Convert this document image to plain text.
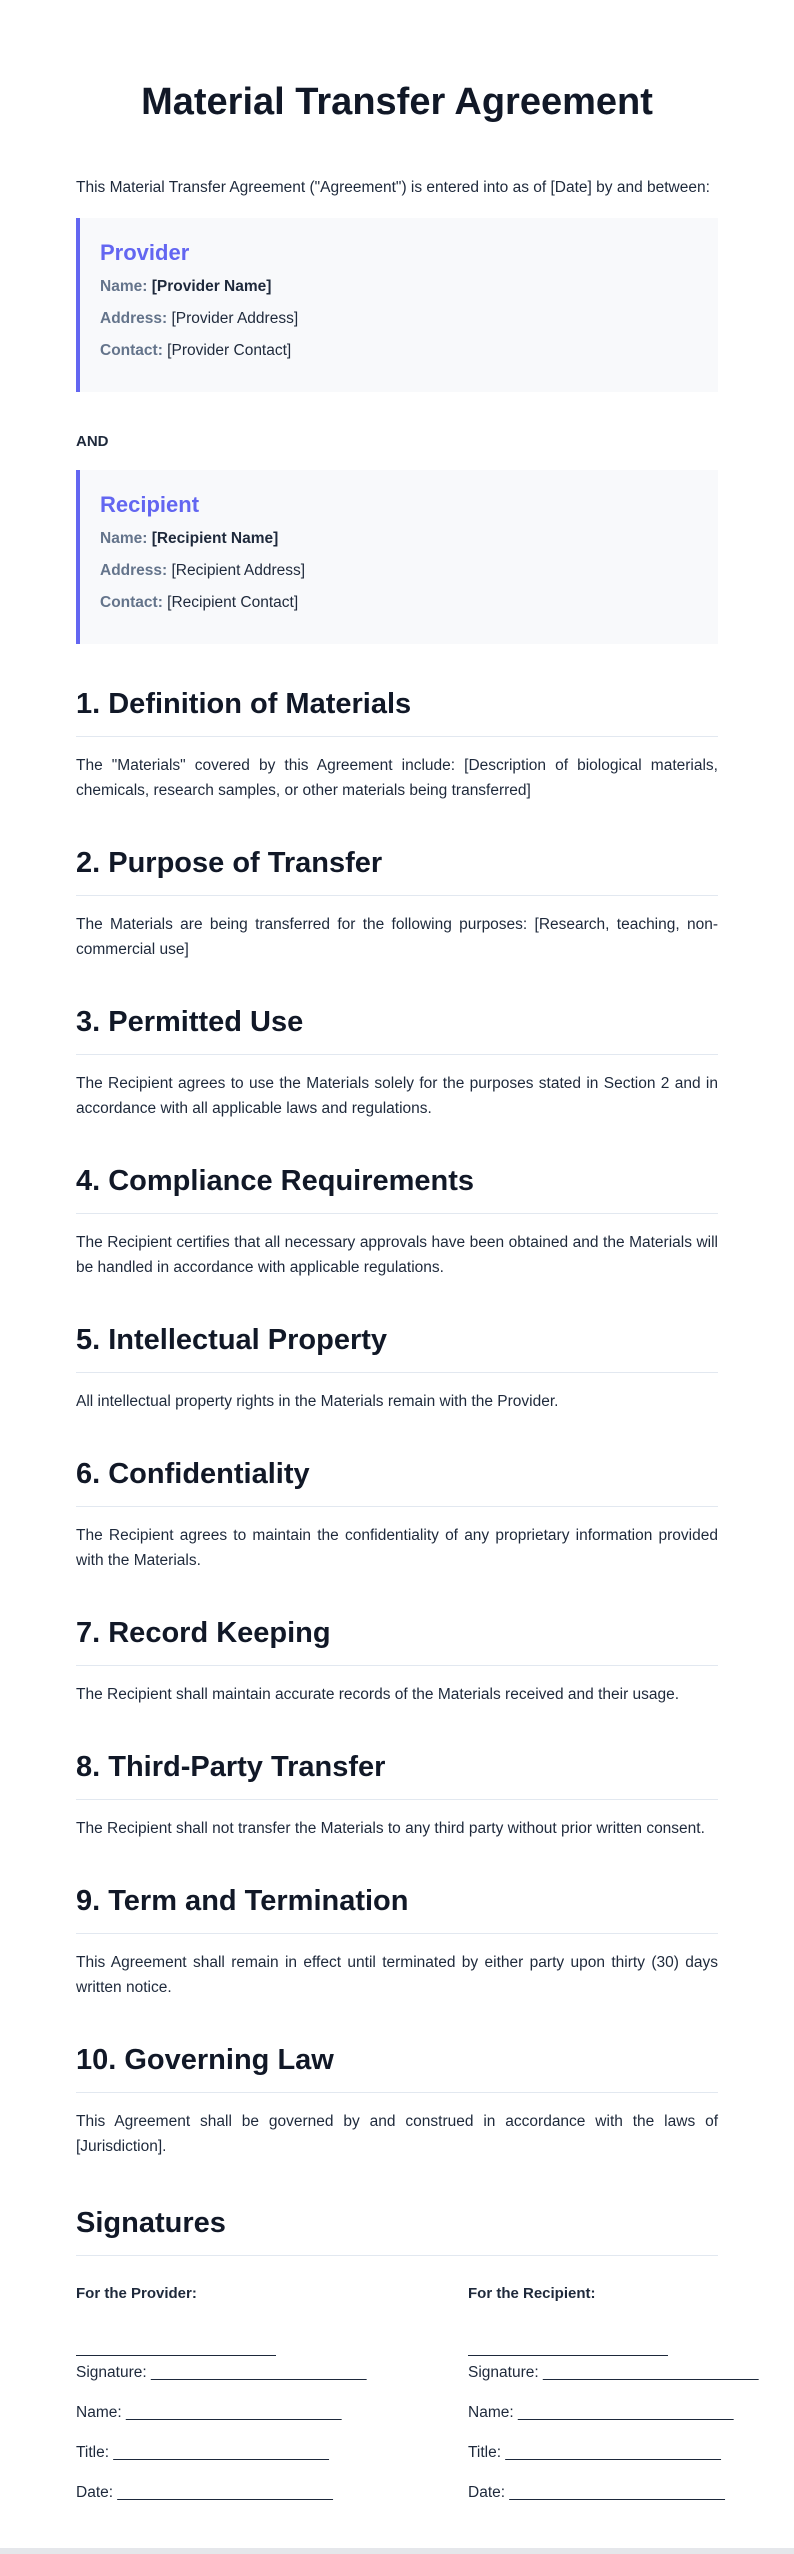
Material Transfer Agreement

This Material Transfer Agreement ("Agreement") is entered into as of [Date] by and between:

Provider
Name: [Provider Name]
Address: [Provider Address]
Contact: [Provider Contact]
AND
Recipient
Name: [Recipient Name]
Address: [Recipient Address]
Contact: [Recipient Contact]
1. Definition of Materials

The "Materials" covered by this Agreement include: [Description of biological materials, chemicals, research samples, or other materials being transferred]

2. Purpose of Transfer

The Materials are being transferred for the following purposes: [Research, teaching, non-commercial use]

3. Permitted Use

The Recipient agrees to use the Materials solely for the purposes stated in Section 2 and in accordance with all applicable laws and regulations.

4. Compliance Requirements

The Recipient certifies that all necessary approvals have been obtained and the Materials will be handled in accordance with applicable regulations.

5. Intellectual Property

All intellectual property rights in the Materials remain with the Provider.

6. Confidentiality

The Recipient agrees to maintain the confidentiality of any proprietary information provided with the Materials.

7. Record Keeping

The Recipient shall maintain accurate records of the Materials received and their usage.

8. Third-Party Transfer

The Recipient shall not transfer the Materials to any third party without prior written consent.

9. Term and Termination

This Agreement shall remain in effect until terminated by either party upon thirty (30) days written notice.

10. Governing Law

This Agreement shall be governed by and construed in accordance with the laws of [Jurisdiction].

Signatures
For the Provider:
Signature: _________________________
Name: _________________________
Title: _________________________
Date: _________________________
For the Recipient:
Signature: _________________________
Name: _________________________
Title: _________________________
Date: _________________________
